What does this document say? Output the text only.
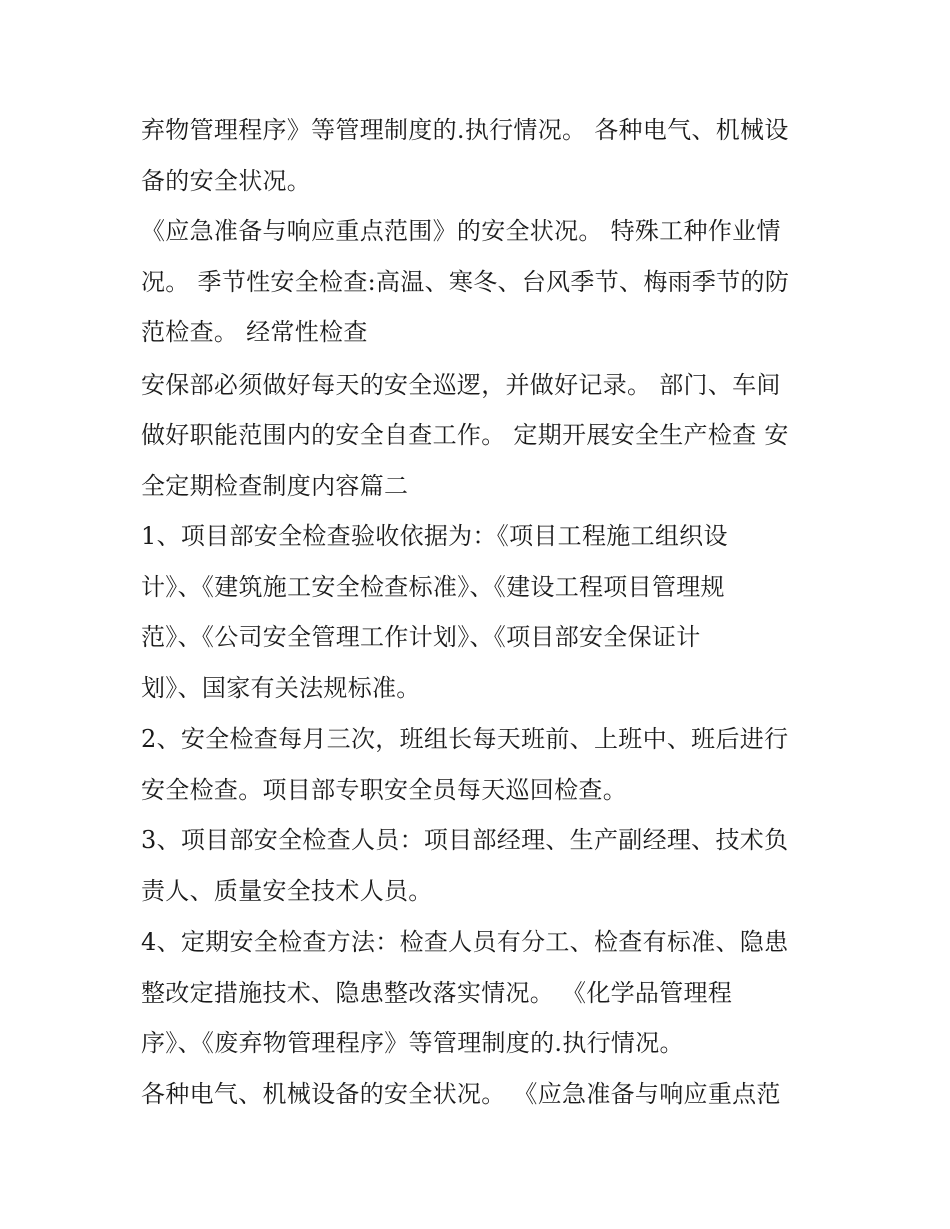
弃物管理程序》等管理制度的.执行情况。 各种电气、机械设
备的安全状况。
《应急准备与响应重点范围》的安全状况。 特殊工种作业情
况。 季节性安全检查:高温、寒冬、台风季节、梅雨季节的防
范检查。 经常性检查
安保部必须做好每天的安全巡逻，并做好记录。 部门、车间
做好职能范围内的安全自查工作。 定期开展安全生产检查 安
全定期检查制度内容篇二
1、项目部安全检查验收依据为：《项目工程施工组织设
计》、《建筑施工安全检查标准》、《建设工程项目管理规
范》、《公司安全管理工作计划》、《项目部安全保证计
划》、国家有关法规标准。
2、安全检查每月三次，班组长每天班前、上班中、班后进行
安全检查。项目部专职安全员每天巡回检查。
3、项目部安全检查人员：项目部经理、生产副经理、技术负
责人、质量安全技术人员。
4、定期安全检查方法：检查人员有分工、检查有标准、隐患
整改定措施技术、隐患整改落实情况。 《化学品管理程
序》、《废弃物管理程序》等管理制度的.执行情况。
各种电气、机械设备的安全状况。 《应急准备与响应重点范
